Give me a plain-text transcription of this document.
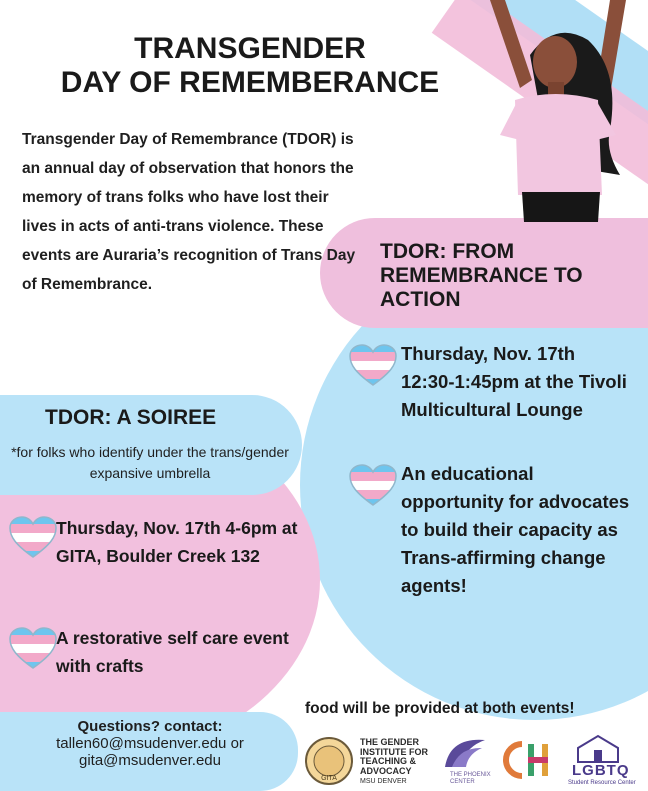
TRANSGENDER
DAY OF REMEMBERANCE

Transgender Day of Remembrance (TDOR) is an annual day of observation that honors the memory of trans folks who have lost their lives in acts of anti-trans violence. These events are Auraria’s recognition of Trans Day of Remembrance.

TDOR: FROM REMEMBRANCE TO ACTION
Thursday, Nov. 17th 12:30-1:45pm at the Tivoli Multicultural Lounge
An educational opportunity for advocates to build their capacity as Trans-affirming change agents!
TDOR: A SOIREE
*for folks who identify under the trans/gender expansive umbrella
Thursday, Nov. 17th 4-6pm at GITA, Boulder Creek 132
A restorative self care event with crafts
food will be provided at both events!
Questions? contact:
tallen60@msudenver.edu or
gita@msudenver.edu
GITA
THE GENDER INSTITUTE FOR TEACHING & ADVOCACY
MSU DENVER
THE PHOENIX CENTER
LGBTQ
Student Resource Center
